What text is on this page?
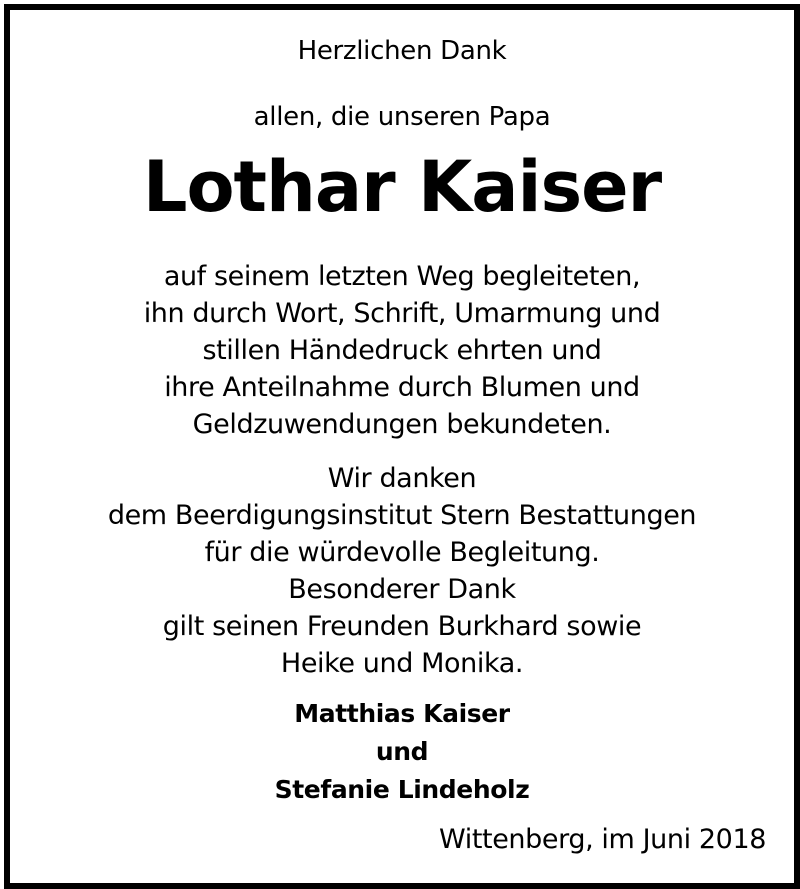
Herzlichen Dank
allen, die unseren Papa
Lothar Kaiser
auf seinem letzten Weg begleiteten,
ihn durch Wort, Schrift, Umarmung und
stillen Händedruck ehrten und
ihre Anteilnahme durch Blumen und
Geldzuwendungen bekundeten.
Wir danken
dem Beerdigungsinstitut Stern Bestattungen
für die würdevolle Begleitung.
Besonderer Dank
gilt seinen Freunden Burkhard sowie
Heike und Monika.
Matthias Kaiser
und
Stefanie Lindeholz
Wittenberg, im Juni 2018
